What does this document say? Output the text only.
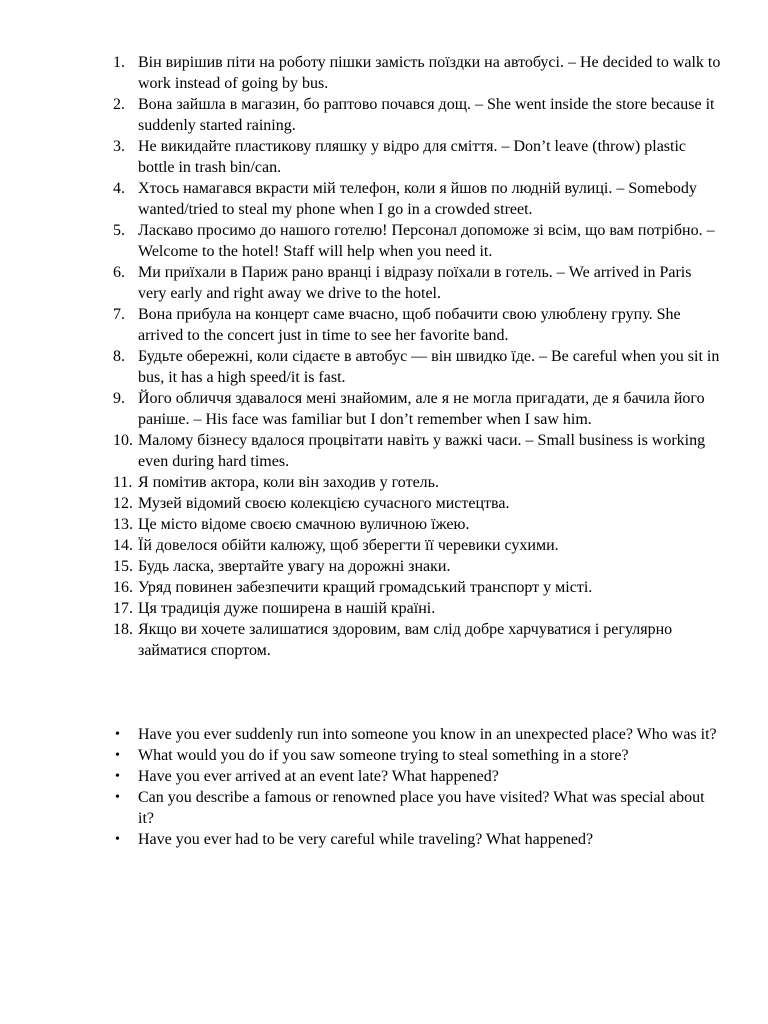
1. Він вирішив піти на роботу пішки замість поїздки на автобусі. – He decided to walk to work instead of going by bus.
2. Вона зайшла в магазин, бо раптово почався дощ. – She went inside the store because it suddenly started raining.
3. Не викидайте пластикову пляшку у відро для сміття. – Don’t leave (throw) plastic bottle in trash bin/can.
4. Хтось намагався вкрасти мій телефон, коли я йшов по людній вулиці. – Somebody wanted/tried to steal my phone when I go in a crowded street.
5. Ласкаво просимо до нашого готелю! Персонал допоможе зі всім, що вам потрібно. – Welcome to the hotel! Staff will help when you need it.
6. Ми приїхали в Париж рано вранці і відразу поїхали в готель. – We arrived in Paris very early and right away we drive to the hotel.
7. Вона прибула на концерт саме вчасно, щоб побачити свою улюблену групу. She arrived to the concert just in time to see her favorite band.
8. Будьте обережні, коли сідаєте в автобус — він швидко їде. – Be careful when you sit in bus, it has a high speed/it is fast.
9. Його обличчя здавалося мені знайомим, але я не могла пригадати, де я бачила його раніше. – His face was familiar but I don’t remember when I saw him.
10. Малому бізнесу вдалося процвітати навіть у важкі часи. – Small business is working even during hard times.
11. Я помітив актора, коли він заходив у готель.
12. Музей відомий своєю колекцією сучасного мистецтва.
13. Це місто відоме своєю смачною вуличною їжею.
14. Їй довелося обійти калюжу, щоб зберегти її черевики сухими.
15. Будь ласка, звертайте увагу на дорожні знаки.
16. Уряд повинен забезпечити кращий громадський транспорт у місті.
17. Ця традиція дуже поширена в нашій країні.
18. Якщо ви хочете залишатися здоровим, вам слід добре харчуватися і регулярно займатися спортом.
• Have you ever suddenly run into someone you know in an unexpected place? Who was it?
• What would you do if you saw someone trying to steal something in a store?
• Have you ever arrived at an event late? What happened?
• Can you describe a famous or renowned place you have visited? What was special about it?
• Have you ever had to be very careful while traveling? What happened?
